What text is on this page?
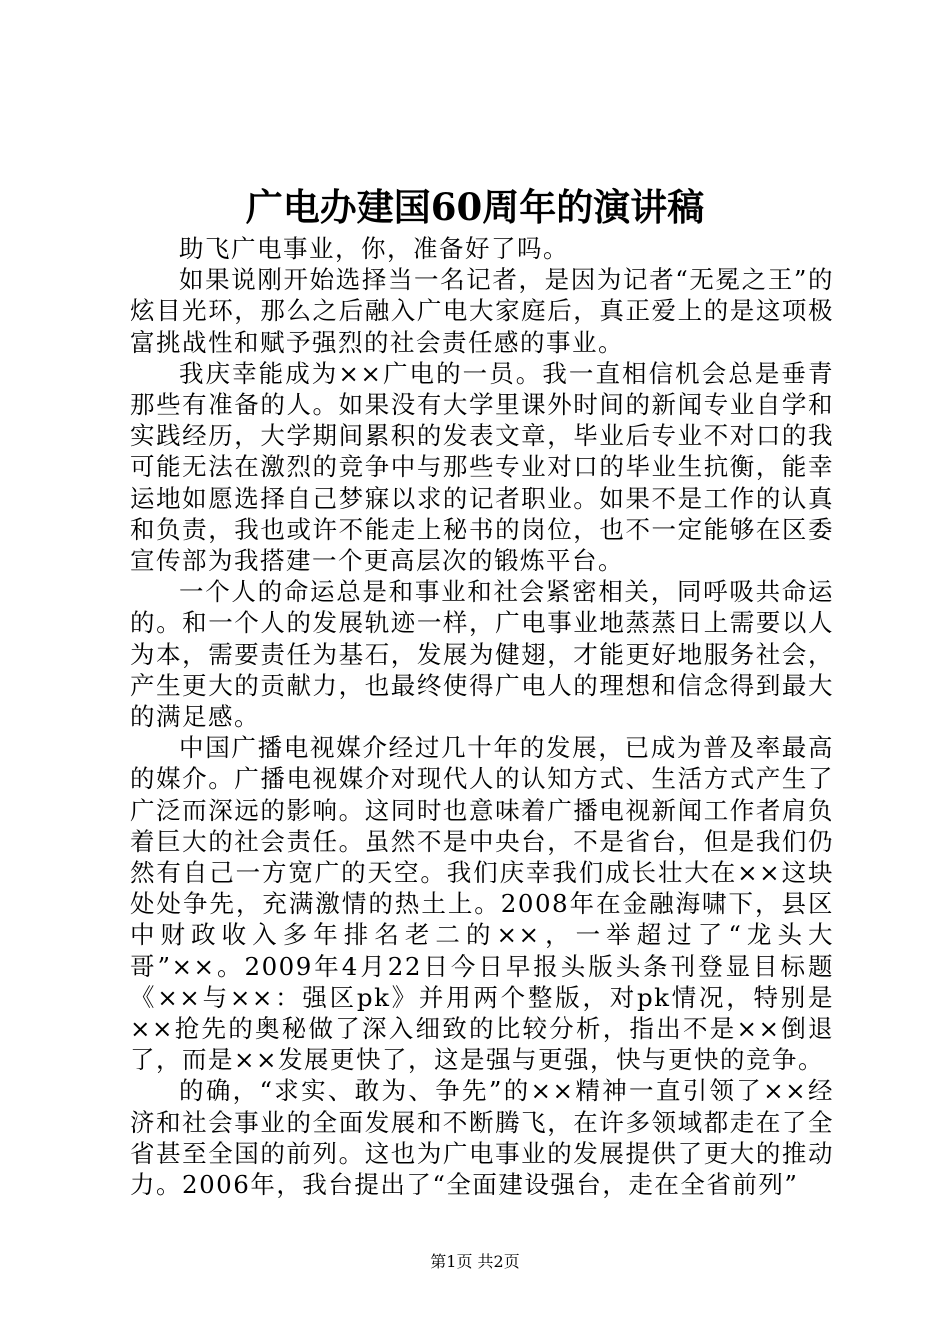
广电办建国60周年的演讲稿

助飞广电事业，你，准备好了吗。

如果说刚开始选择当一名记者，是因为记者“无冕之王”的炫目光环，那么之后融入广电大家庭后，真正爱上的是这项极富挑战性和赋予强烈的社会责任感的事业。

我庆幸能成为××广电的一员。我一直相信机会总是垂青那些有准备的人。如果没有大学里课外时间的新闻专业自学和实践经历，大学期间累积的发表文章，毕业后专业不对口的我可能无法在激烈的竞争中与那些专业对口的毕业生抗衡，能幸运地如愿选择自己梦寐以求的记者职业。如果不是工作的认真和负责，我也或许不能走上秘书的岗位，也不一定能够在区委宣传部为我搭建一个更高层次的锻炼平台。

一个人的命运总是和事业和社会紧密相关，同呼吸共命运的。和一个人的发展轨迹一样，广电事业地蒸蒸日上需要以人为本，需要责任为基石，发展为健翅，才能更好地服务社会，产生更大的贡献力，也最终使得广电人的理想和信念得到最大的满足感。

中国广播电视媒介经过几十年的发展，已成为普及率最高的媒介。广播电视媒介对现代人的认知方式、生活方式产生了广泛而深远的影响。这同时也意味着广播电视新闻工作者肩负着巨大的社会责任。虽然不是中央台，不是省台，但是我们仍然有自己一方宽广的天空。我们庆幸我们成长壮大在××这块处处争先，充满激情的热土上。2008年在金融海啸下，县区中财政收入多年排名老二的××，一举超过了“龙头大哥”××。2009年4月22日今日早报头版头条刊登显目标题《××与××：强区pk》并用两个整版，对pk情况，特别是××抢先的奥秘做了深入细致的比较分析，指出不是××倒退了，而是××发展更快了，这是强与更强，快与更快的竞争。

的确，“求实、敢为、争先”的××精神一直引领了××经济和社会事业的全面发展和不断腾飞，在许多领域都走在了全省甚至全国的前列。这也为广电事业的发展提供了更大的推动力。2006年，我台提出了“全面建设强台，走在全省前列”

第1页 共2页
